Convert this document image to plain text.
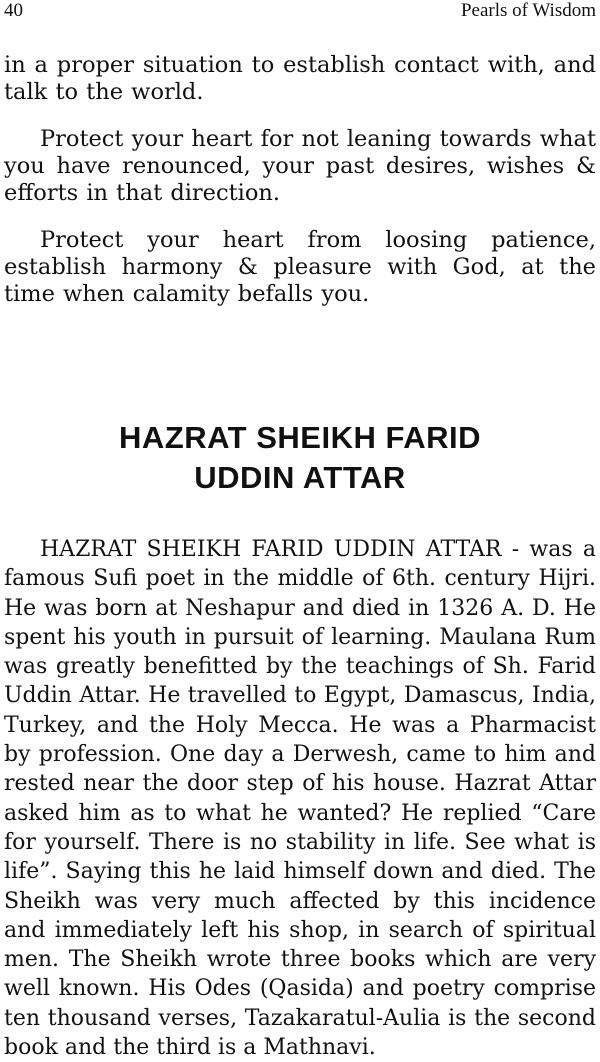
40	Pearls of Wisdom

in a proper situation to establish contact with, and talk to the world.

Protect your heart for not leaning towards what you have renounced, your past desires, wishes & efforts in that direction.

Protect your heart from loosing patience, establish harmony & pleasure with God, at the time when calamity befalls you.

HAZRAT SHEIKH FARID
UDDIN ATTAR

HAZRAT SHEIKH FARID UDDIN ATTAR - was a famous Sufi poet in the middle of 6th. century Hijri. He was born at Neshapur and died in 1326 A. D. He spent his youth in pursuit of learning. Maulana Rum was greatly benefitted by the teachings of Sh. Farid Uddin Attar. He travelled to Egypt, Damascus, India, Turkey, and the Holy Mecca. He was a Pharmacist by profession. One day a Derwesh, came to him and rested near the door step of his house. Hazrat Attar asked him as to what he wanted? He replied “Care for yourself. There is no stability in life. See what is life”. Saying this he laid himself down and died. The Sheikh was very much affected by this incidence and immediately left his shop, in search of spiritual men. The Sheikh wrote three books which are very well known. His Odes (Qasida) and poetry comprise ten thousand verses, Tazakaratul-Aulia is the second book and the third is a Mathnavi.
